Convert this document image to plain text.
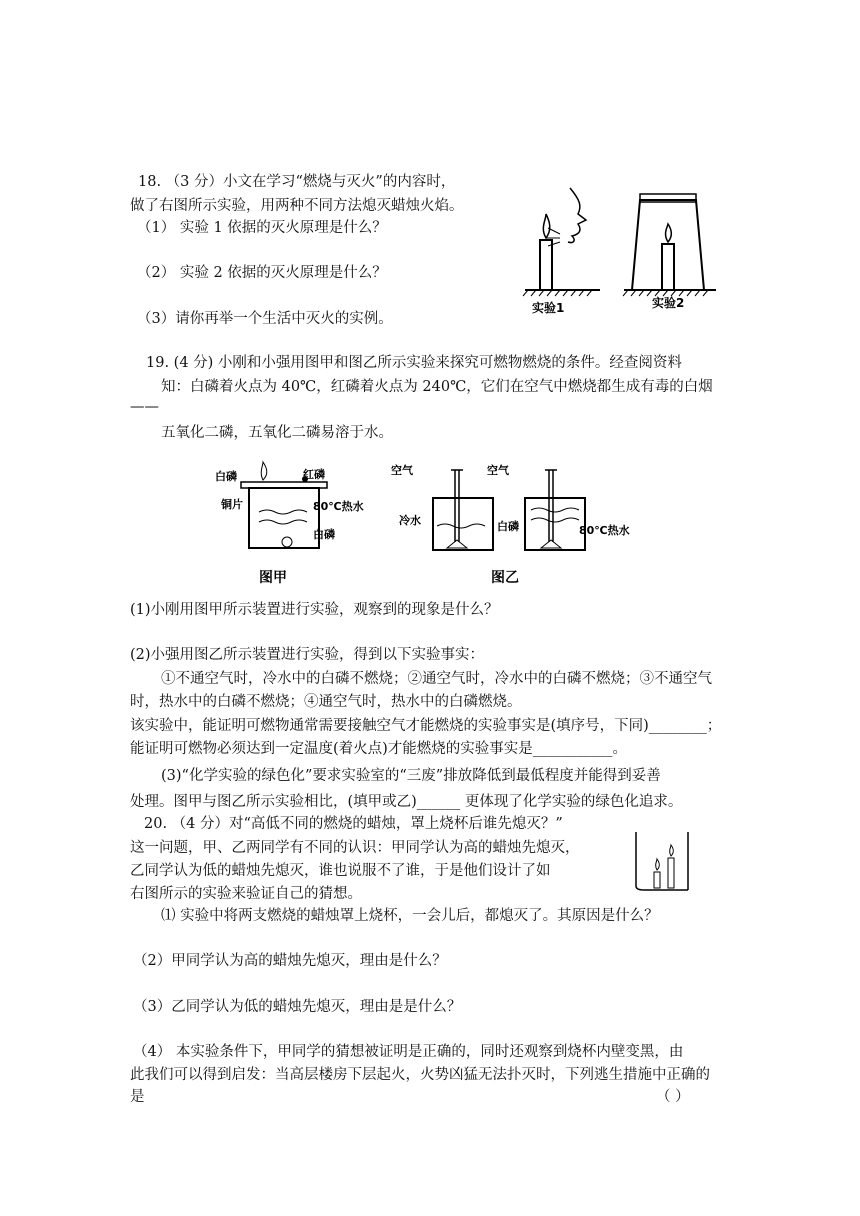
18. （3 分）小文在学习“燃烧与灭火”的内容时，
做了右图所示实验，用两种不同方法熄灭蜡烛火焰。
（1） 实验 1 依据的灭火原理是什么？
（2） 实验 2 依据的灭火原理是什么？
（3）请你再举一个生活中灭火的实例。
实验1	实验2
19. (4 分) 小刚和小强用图甲和图乙所示实验来探究可燃物燃烧的条件。经查阅资料
知：白磷着火点为 40℃，红磷着火点为 240℃，它们在空气中燃烧都生成有毒的白烟
——
五氧化二磷，五氧化二磷易溶于水。
白磷	红磷
铜片	80℃热水
白磷
图甲
空气	空气
冷水	白磷	80℃热水
图乙
(1)小刚用图甲所示装置进行实验，观察到的现象是什么？
(2)小强用图乙所示装置进行实验，得到以下实验事实：
①不通空气时，冷水中的白磷不燃烧；②通空气时，冷水中的白磷不燃烧；③不通空气
时，热水中的白磷不燃烧；④通空气时，热水中的白磷燃烧。
该实验中，能证明可燃物通常需要接触空气才能燃烧的实验事实是(填序号，下同)________；
能证明可燃物必须达到一定温度(着火点)才能燃烧的实验事实是___________。
(3)“化学实验的绿色化”要求实验室的“三废”排放降低到最低程度并能得到妥善
处理。图甲与图乙所示实验相比，(填甲或乙)______ 更体现了化学实验的绿色化追求。
20. （4 分）对“高低不同的燃烧的蜡烛，罩上烧杯后谁先熄灭？”
这一问题，甲、乙两同学有不同的认识：甲同学认为高的蜡烛先熄灭，
乙同学认为低的蜡烛先熄灭，谁也说服不了谁，于是他们设计了如
右图所示的实验来验证自己的猜想。
⑴ 实验中将两支燃烧的蜡烛罩上烧杯，一会儿后，都熄灭了。其原因是什么？
（2）甲同学认为高的蜡烛先熄灭，理由是什么？
（3）乙同学认为低的蜡烛先熄灭，理由是是什么？
（4） 本实验条件下，甲同学的猜想被证明是正确的，同时还观察到烧杯内壁变黑，由
此我们可以得到启发：当高层楼房下层起火，火势凶猛无法扑灭时，下列逃生措施中正确的
是	（ ）
